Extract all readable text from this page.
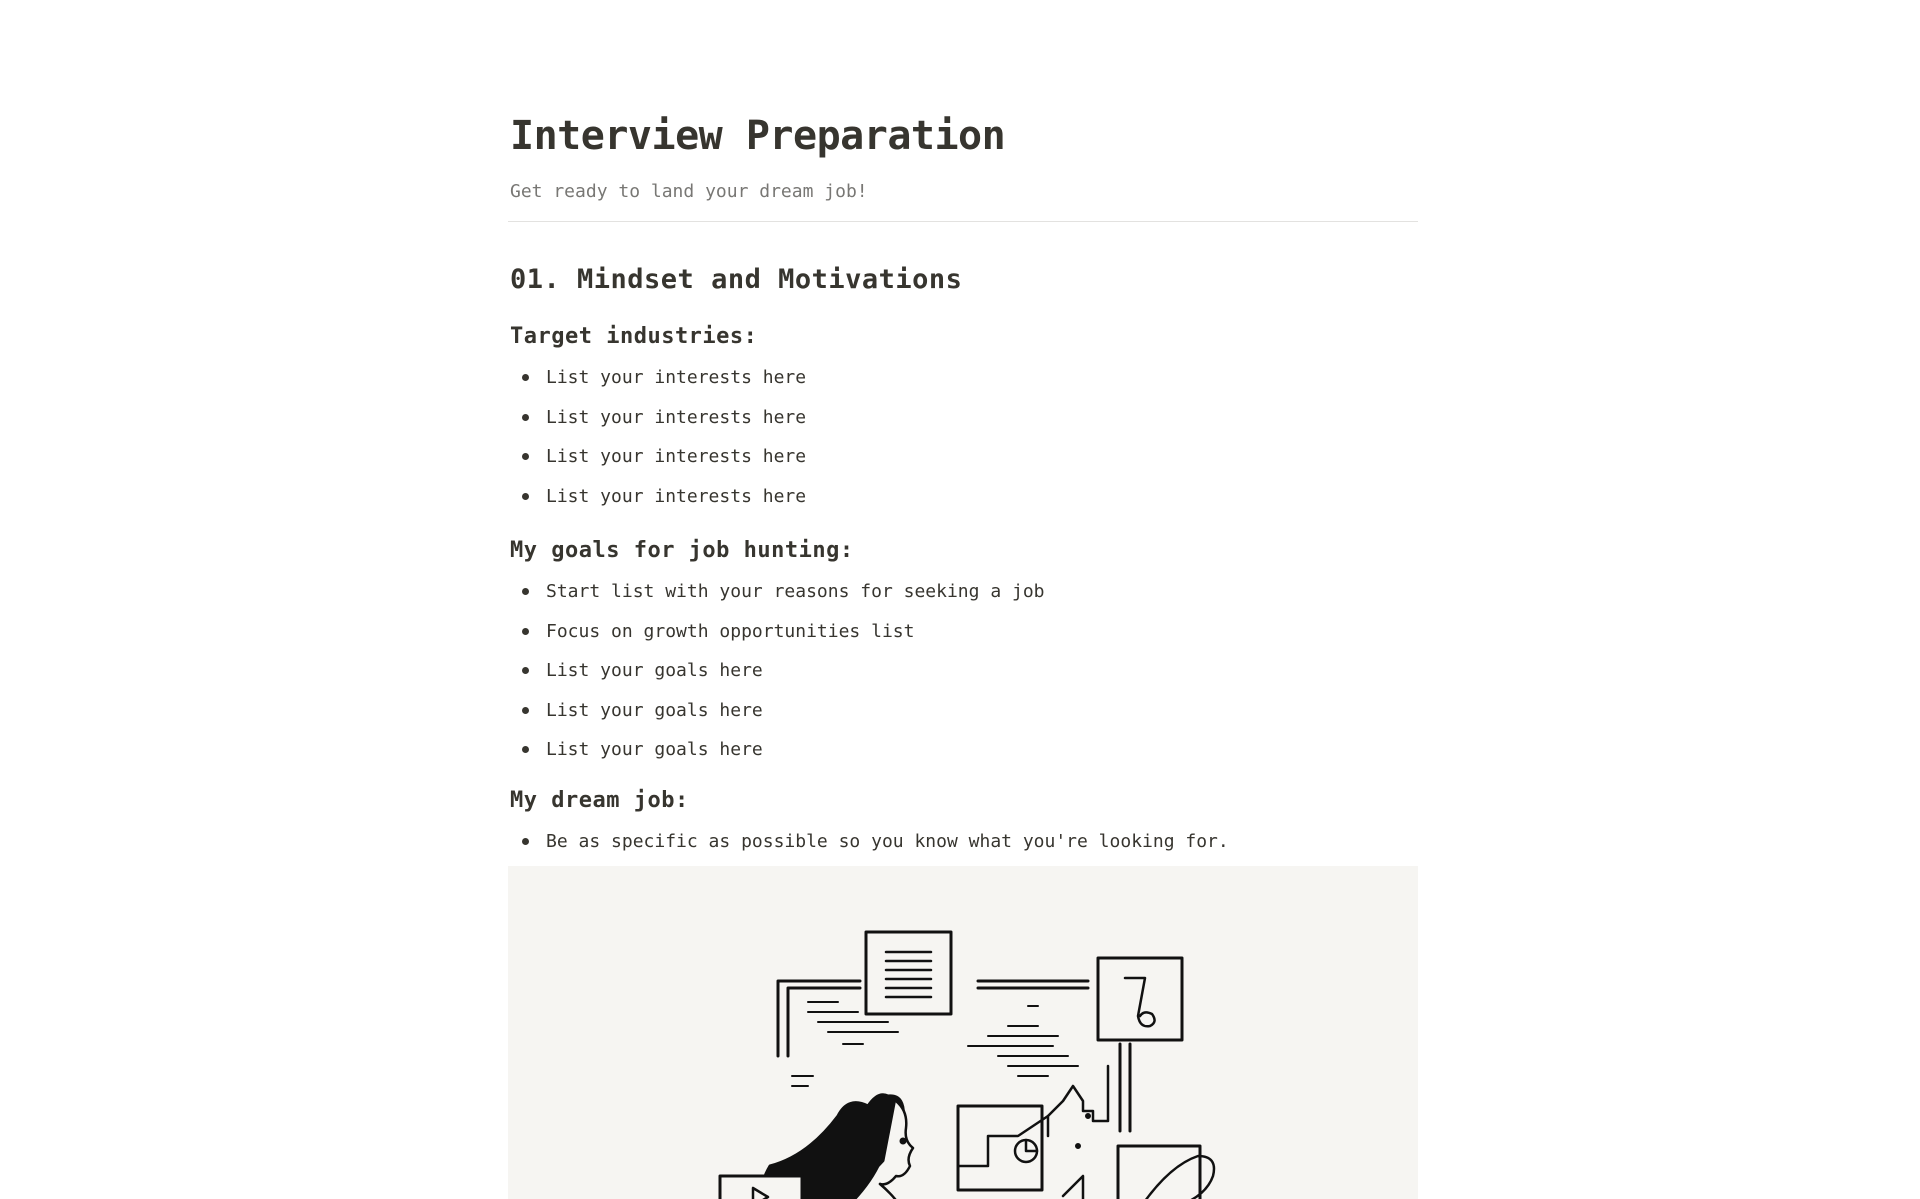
Interview Preparation

Get ready to land your dream job!

01. Mindset and Motivations
Target industries:
List your interests here
List your interests here
List your interests here
List your interests here
My goals for job hunting:
Start list with your reasons for seeking a job
Focus on growth opportunities list
List your goals here
List your goals here
List your goals here
My dream job:
Be as specific as possible so you know what you're looking for.
